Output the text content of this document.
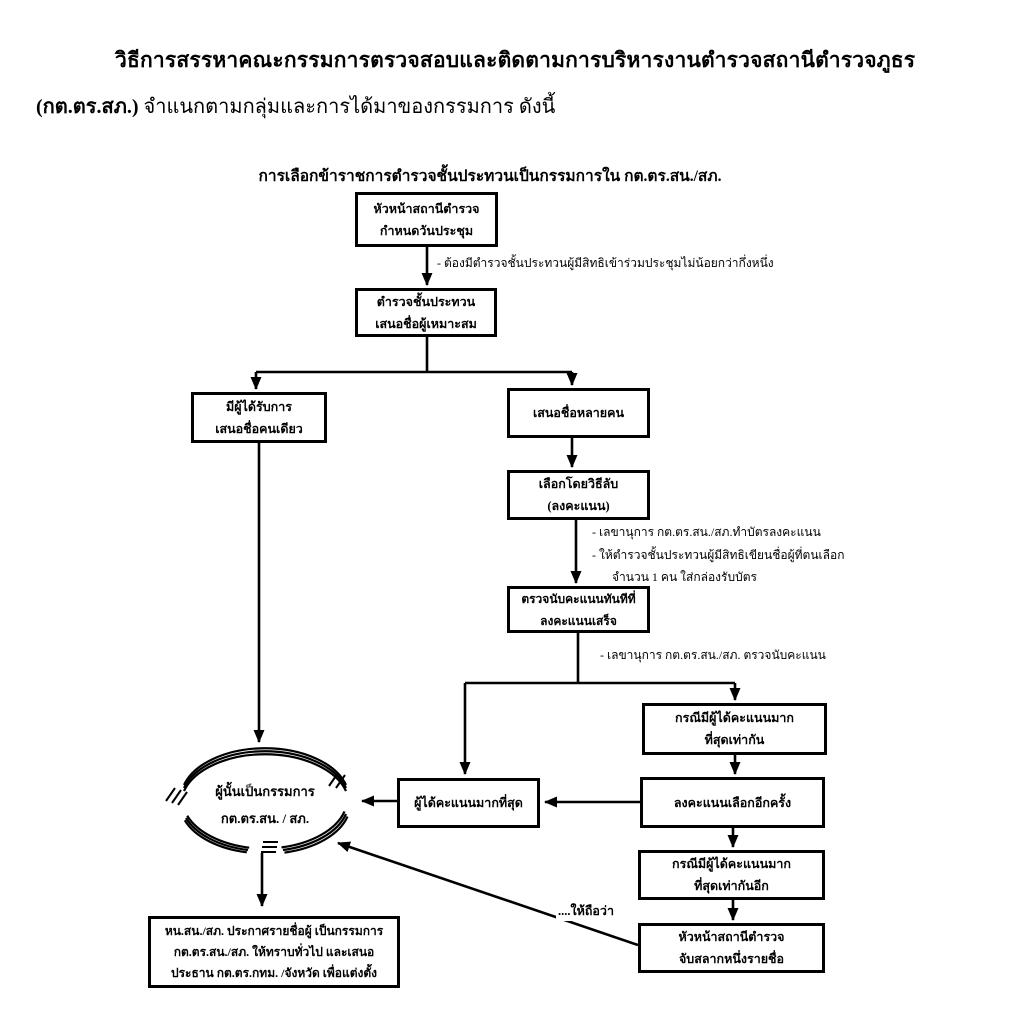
วิธีการสรรหาคณะกรรมการตรวจสอบและติดตามการบริหารงานตำรวจสถานีตำรวจภูธร
(กต.ตร.สภ.) จำแนกตามกลุ่มและการได้มาของกรรมการ ดังนี้
การเลือกข้าราชการตำรวจชั้นประทวนเป็นกรรมการใน กต.ตร.สน./สภ.
หัวหน้าสถานีตำรวจ
กำหนดวันประชุม
ตำรวจชั้นประทวน
เสนอชื่อผู้เหมาะสม
มีผู้ได้รับการ
เสนอชื่อคนเดียว
เสนอชื่อหลายคน
เลือกโดยวิธีลับ
(ลงคะแนน)
ตรวจนับคะแนนทันทีที่
ลงคะแนนเสร็จ
ผู้ได้คะแนนมากที่สุด
กรณีมีผู้ได้คะแนนมาก
ที่สุดเท่ากัน
ลงคะแนนเลือกอีกครั้ง
กรณีมีผู้ได้คะแนนมาก
ที่สุดเท่ากันอีก
หัวหน้าสถานีตำรวจ
จับสลากหนึ่งรายชื่อ
หน.สน./สภ. ประกาศรายชื่อผู้ เป็นกรรมการ
กต.ตร.สน./สภ. ให้ทราบทั่วไป และเสนอ
ประธาน กต.ตร.กทม. /จังหวัด เพื่อแต่งตั้ง
ผู้นั้นเป็นกรรมการ
กต.ตร.สน. / สภ.
- ต้องมีตำรวจชั้นประทวนผู้มีสิทธิเข้าร่วมประชุมไม่น้อยกว่ากึ่งหนึ่ง
- เลขานุการ กต.ตร.สน./สภ.ทำบัตรลงคะแนน
- ให้ตำรวจชั้นประทวนผู้มีสิทธิเขียนชื่อผู้ที่ตนเลือก
จำนวน 1 คน ใส่กล่องรับบัตร
- เลขานุการ กต.ตร.สน./สภ. ตรวจนับคะแนน
....ให้ถือว่า
